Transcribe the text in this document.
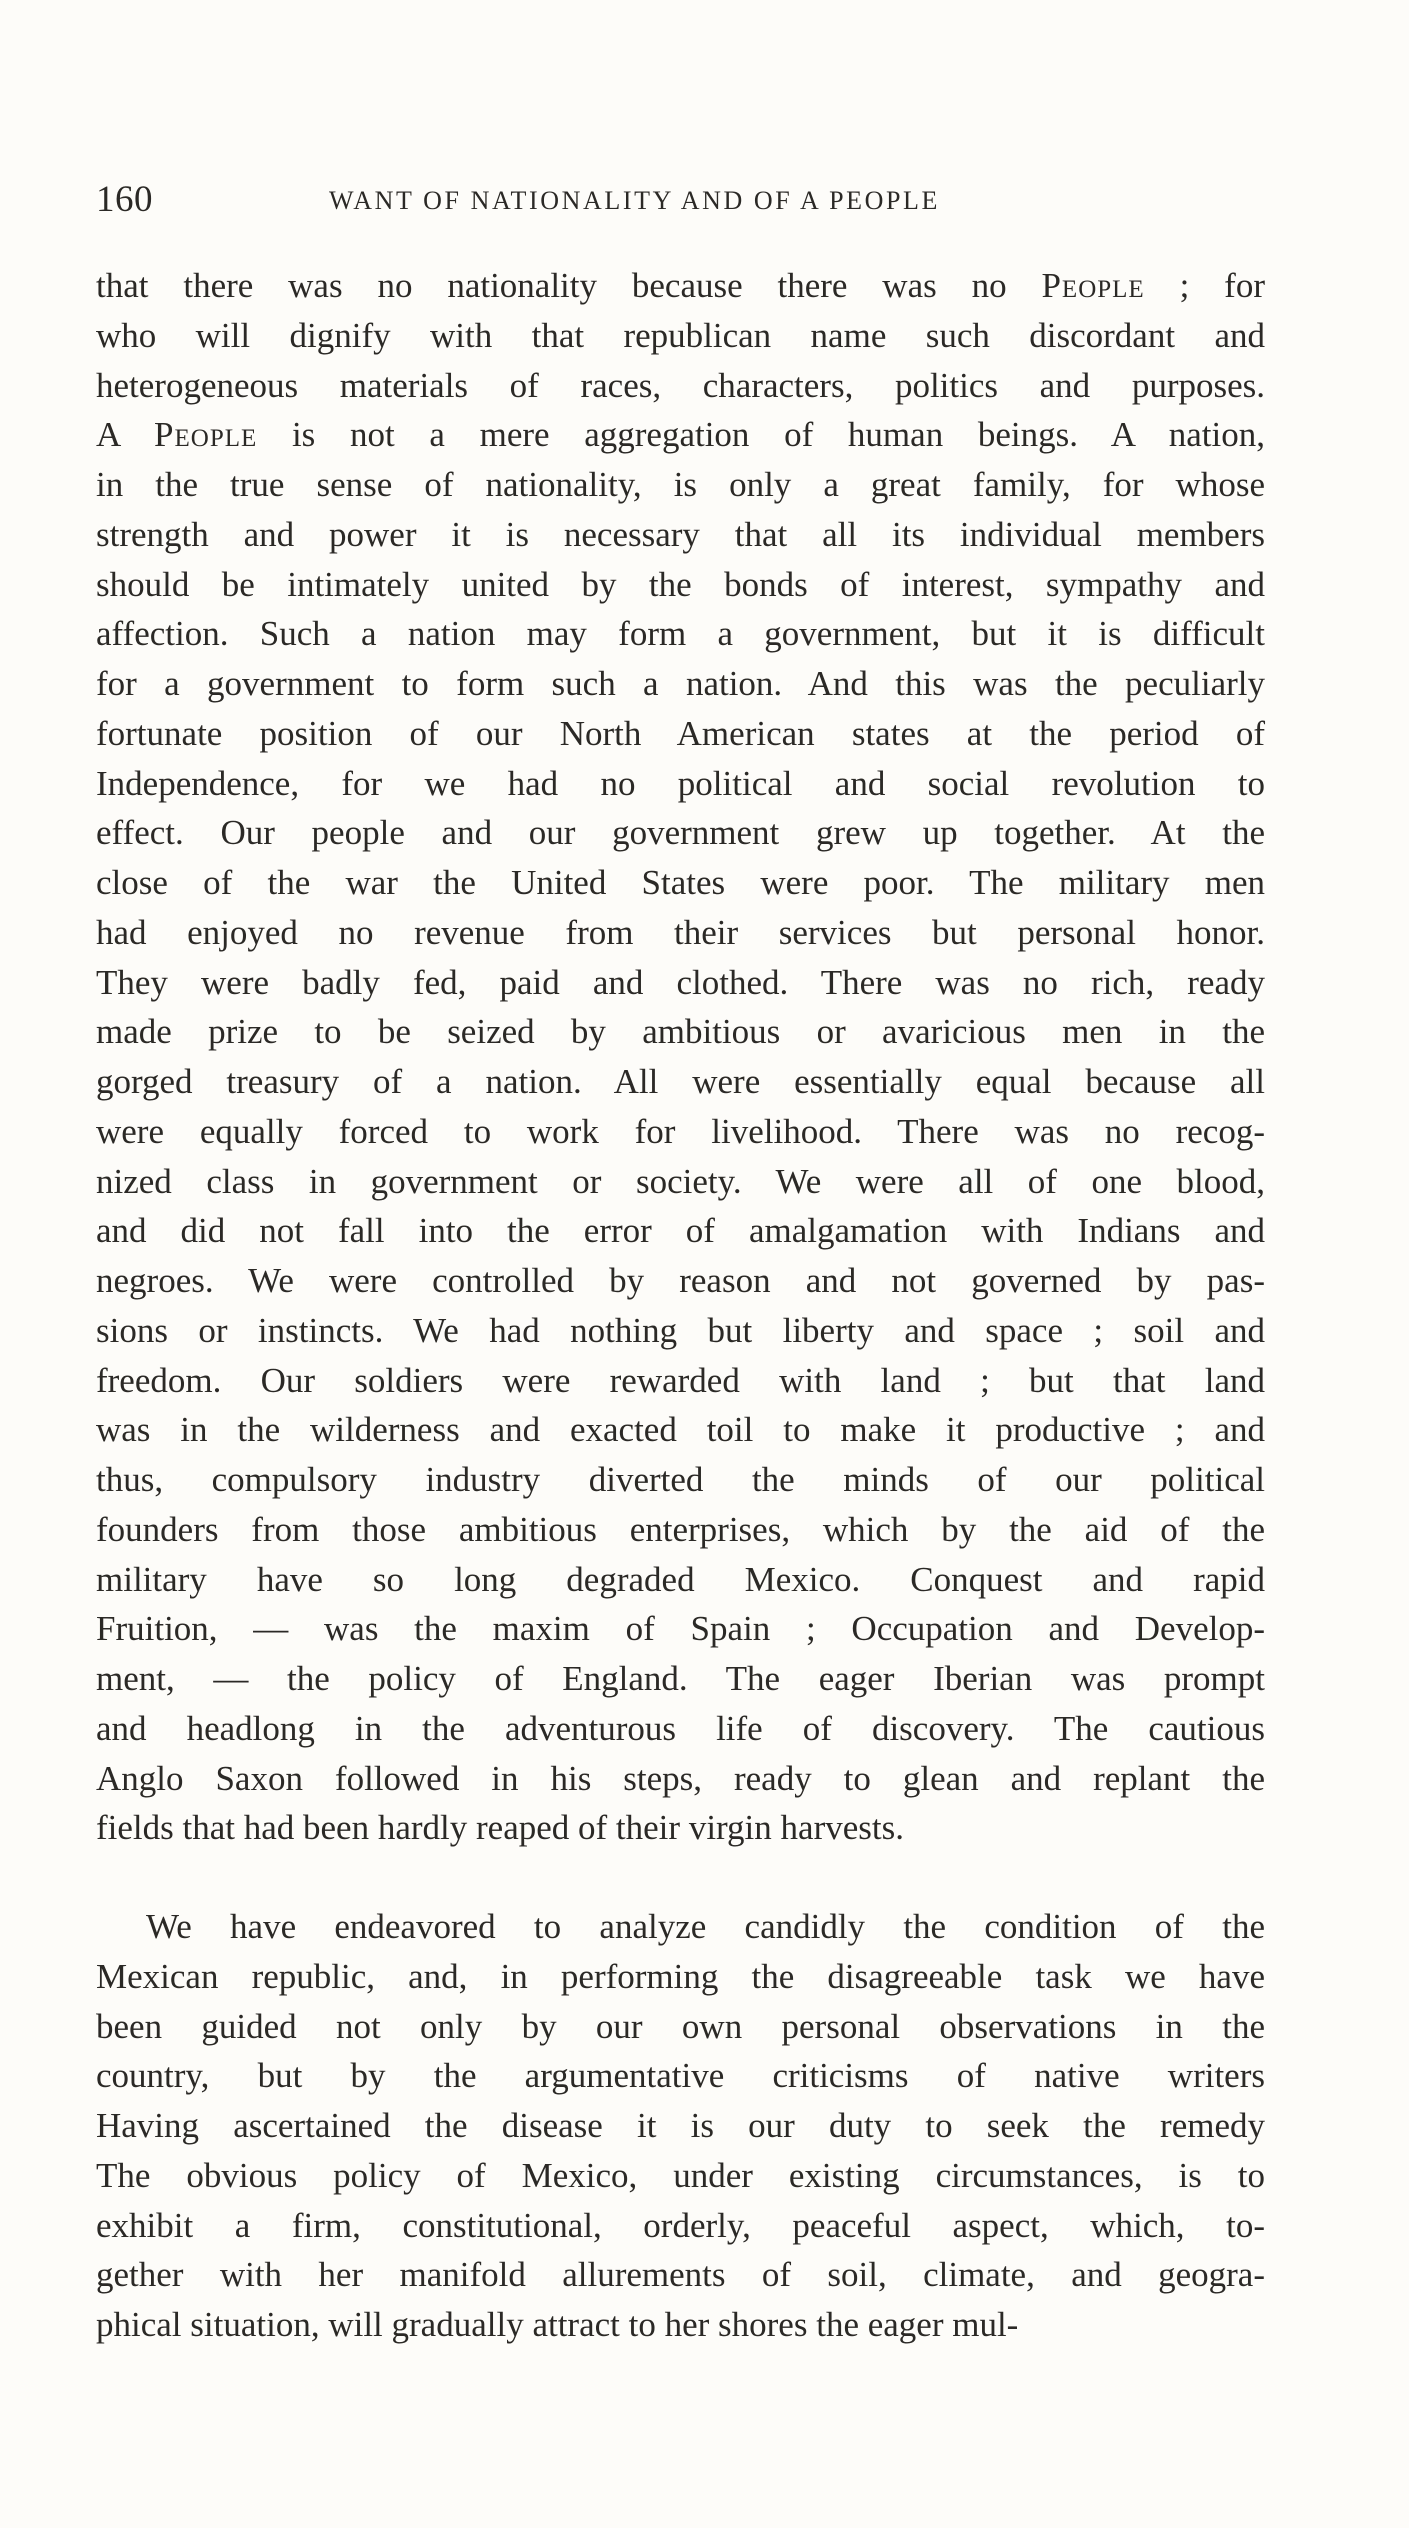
160	WANT OF NATIONALITY AND OF A PEOPLE
that there was no nationality because there was no People ; for
who will dignify with that republican name such discordant and
heterogeneous materials of races, characters, politics and purposes.
A People is not a mere aggregation of human beings. A nation,
in the true sense of nationality, is only a great family, for whose
strength and power it is necessary that all its individual members
should be intimately united by the bonds of interest, sympathy and
affection. Such a nation may form a government, but it is difficult
for a government to form such a nation. And this was the peculiarly
fortunate position of our North American states at the period of
Independence, for we had no political and social revolution to
effect. Our people and our government grew up together. At the
close of the war the United States were poor. The military men
had enjoyed no revenue from their services but personal honor.
They were badly fed, paid and clothed. There was no rich, ready
made prize to be seized by ambitious or avaricious men in the
gorged treasury of a nation. All were essentially equal because all
were equally forced to work for livelihood. There was no recog-
nized class in government or society. We were all of one blood,
and did not fall into the error of amalgamation with Indians and
negroes. We were controlled by reason and not governed by pas-
sions or instincts. We had nothing but liberty and space ; soil and
freedom. Our soldiers were rewarded with land ; but that land
was in the wilderness and exacted toil to make it productive ; and
thus, compulsory industry diverted the minds of our political
founders from those ambitious enterprises, which by the aid of the
military have so long degraded Mexico. Conquest and rapid
Fruition, — was the maxim of Spain ; Occupation and Develop-
ment, — the policy of England. The eager Iberian was prompt
and headlong in the adventurous life of discovery. The cautious
Anglo Saxon followed in his steps, ready to glean and replant the
fields that had been hardly reaped of their virgin harvests.
We have endeavored to analyze candidly the condition of the
Mexican republic, and, in performing the disagreeable task we have
been guided not only by our own personal observations in the
country, but by the argumentative criticisms of native writers
Having ascertained the disease it is our duty to seek the remedy
The obvious policy of Mexico, under existing circumstances, is to
exhibit a firm, constitutional, orderly, peaceful aspect, which, to-
gether with her manifold allurements of soil, climate, and geogra-
phical situation, will gradually attract to her shores the eager mul-
